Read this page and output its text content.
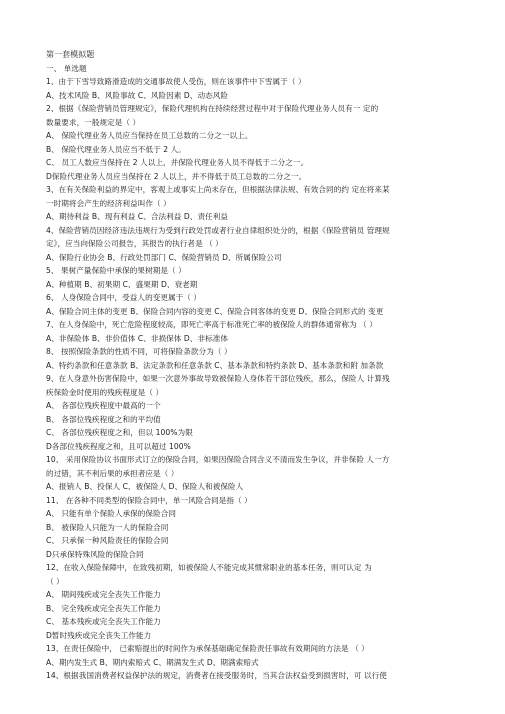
第一套模拟题
一、 单选题
1、由于下雪导致路滑造成的交通事故使人受伤，则在该事件中下雪属于（ ）
A、技术风险 B、风险事故 C、风险因素 D、动态风险
2、根据《保险营销员管理规定》，保险代理机构在持续经营过程中对于保险代理业务人员有一 定的
数量要求，一般规定是（ ）
A、 保险代理业务人员应当保持在员工总数的二分之一以上。
B、 保险代理业务人员应当不低于 2 人。
C、 员工人数应当保持在 2 人以上，并保险代理业务人员不得低于二分之一。
D保险代理业务人员应当保持在 2 人以上，并不得低于员工总数的二分之一。
3、在有关保险利益的界定中，客观上或事实上尚未存在，但根据法律法规、有效合同的约 定在将来某
一时期将会产生的经济利益叫作（ ）
A、期待利益 B、现有利益 C、合法利益 D、责任利益
4、保险营销员因经济违法违规行为受到行政处罚或者行业自律组织处分的，根据《保险营销员 管理规
定》，应当向保险公司报告，其报告的执行者是 （ ）
A、保险行业协会 B、行政处罚部门 C、保险营销员 D、所属保险公司
5、 果树产量保险中承保的果树期是（ ）
A、种植期 B、初果期 C、盛果期 D、衰老期
6、 人身保险合同中，受益人的变更属于（ ）
A、保险合同主体的变更 B、保险合同内容的变更 C、保险合同客体的变更 D、保险合同形式的 变更
7、在人身保险中，死亡危险程度较高，即死亡率高于标准死亡率的被保险人的群体通常称为 （ ）
A、非保险体 B、非价值体 C、非损保体 D、非标准体
8、 按照保险条款的性质不同，可将保险条款分为（ ）
A、特约条款和任意条款 B、法定条款和任意条款 C、基本条款和特约条款 D、基本条款和附 加条款
9、在人身意外伤害保险中，如果一次意外事故导致被保险人身体若干部位残疾，那么，保险人 计算残
疾保险金时使用的残疾程度是（ ）
A、 各部位残疾程度中最高的一个
B、 各部位残疾程度之和的平均值
C、 各部位残疾程度之和，但以 100%为限
D各部位残疾程度之和，且可以超过 100%
10、 采用保险协议书面形式订立的保险合同，如果因保险合同含义不清而发生争议，并非保险 人一方
的过错，其不利后果的承担者应是（ ）
A、报销人 B、投保人 C、被保险人 D、保险人和被保险人
11、 在各种不同类型的保险合同中，单一风险合同是指（ ）
A、 只能有单个保险人承保的保险合同
B、 被保险人只能为一人的保险合同
C、 只承保一种风险责任的保险合同
D只承保特殊风险的保险合同
12、在收入保险保障中，在致残初期，如被保险人不能完成其惯常职业的基本任务，则可认定 为
（ ）
A、 期间残疾或完全丧失工作能力
B、 完全残疾或完全丧失工作能力
C、 基本残疾或完全丧失工作能力
D暂时残疾或完全丧失工作能力
13、在责任保险中， 已索赔提出的时间作为承保基础确定保险责任事故有效期间的方法是 （ ）
A、期内发生式 B、期内索赔式 C、期满发生式 D、期满索赔式
14、根据我国消费者权益保护法的规定，消费者在接受服务时，当其合法权益受到损害时，可 以行使
